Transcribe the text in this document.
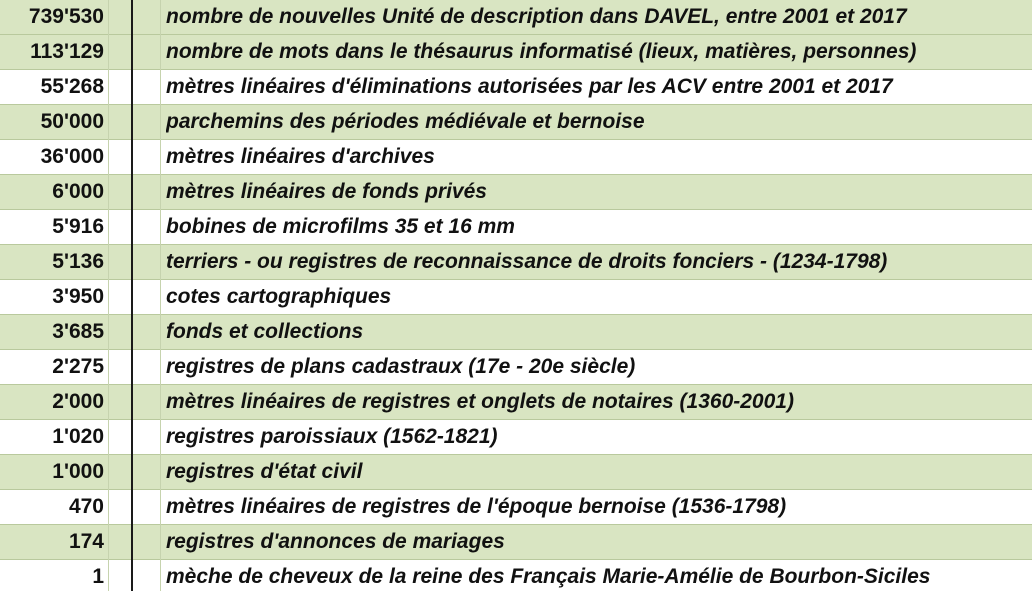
739'530	nombre de nouvelles Unité de description dans DAVEL, entre 2001 et 2017
113'129	nombre de mots dans le thésaurus informatisé (lieux, matières, personnes)
55'268	mètres linéaires d'éliminations autorisées par les ACV entre 2001 et 2017
50'000	parchemins des périodes médiévale et bernoise
36'000	mètres linéaires d'archives
6'000	mètres linéaires de fonds privés
5'916	bobines de microfilms 35 et 16 mm
5'136	terriers - ou registres de reconnaissance de droits fonciers - (1234-1798)
3'950	cotes cartographiques
3'685	fonds et collections
2'275	registres de plans cadastraux (17e - 20e siècle)
2'000	mètres linéaires de registres et onglets de notaires (1360-2001)
1'020	registres paroissiaux (1562-1821)
1'000	registres d'état civil
470	mètres linéaires de registres de l'époque bernoise (1536-1798)
174	registres d'annonces de mariages
1	mèche de cheveux de la reine des Français Marie-Amélie de Bourbon-Siciles
